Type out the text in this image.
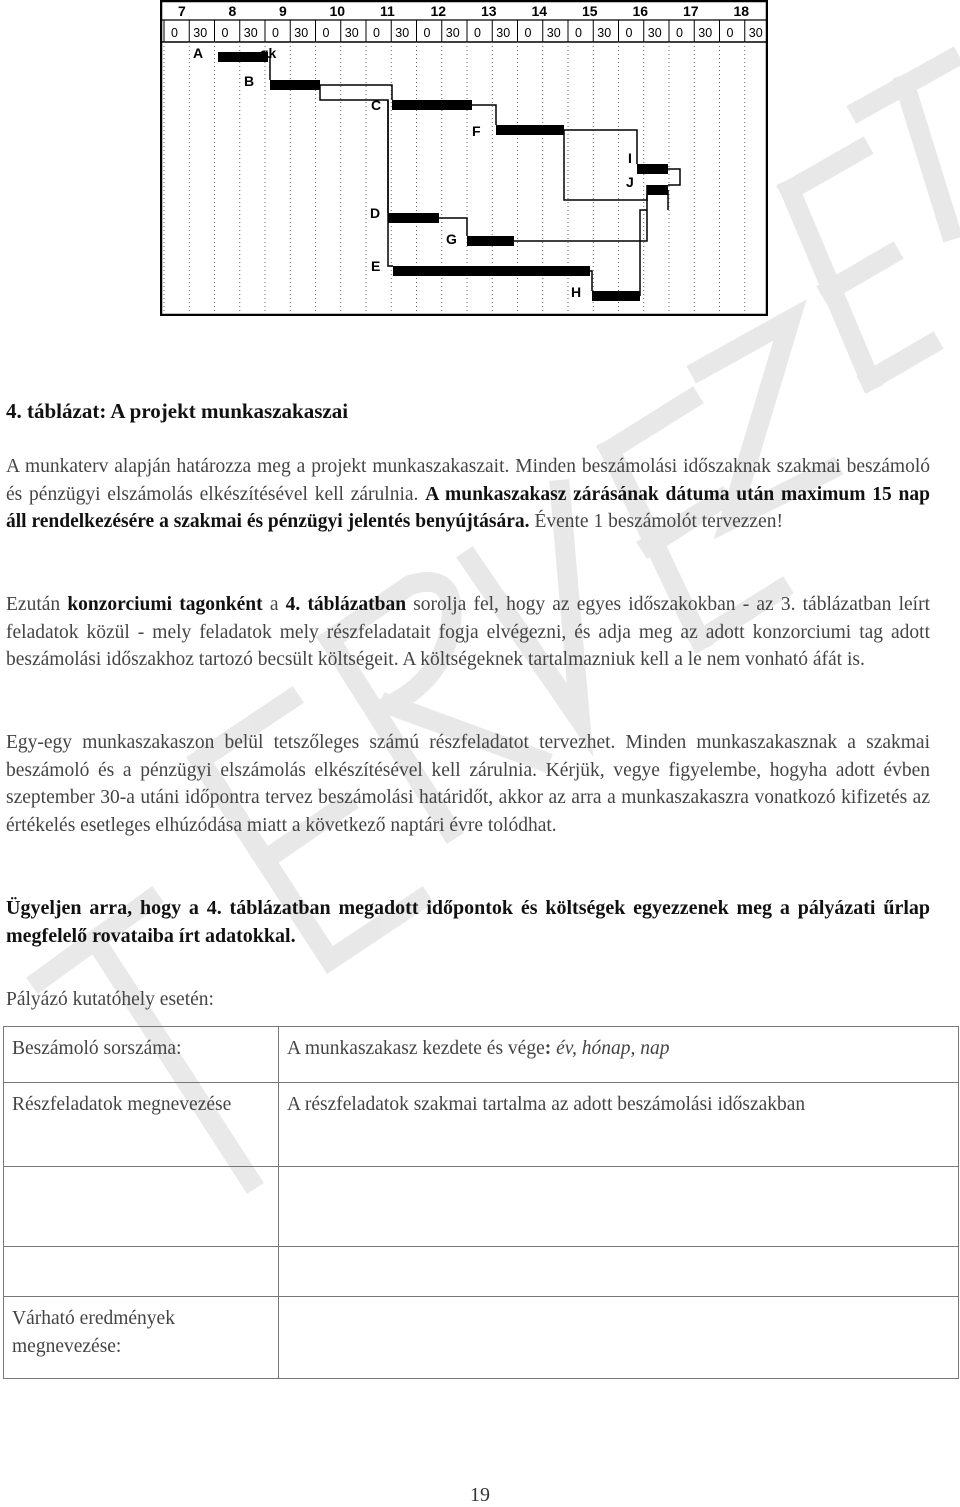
7
0 30
8
0 30
9
0 30
10
0 30
11
0 30
12
0 30
13
0 30
14
0 30
15
0 30
16
0 30
17
0 30
18
0 30
A
B
C
F
I
J
D
G
E
H
gk
4. táblázat: A projekt munkaszakaszai
A munkaterv alapján határozza meg a projekt munkaszakaszait. Minden beszámolási időszaknak szakmai beszámoló és pénzügyi elszámolás elkészítésével kell zárulnia. A munkaszakasz zárásának dátuma után maximum 15 nap áll rendelkezésére a szakmai és pénzügyi jelentés benyújtására. Évente 1 beszámolót tervezzen!
Ezután konzorciumi tagonként a 4. táblázatban sorolja fel, hogy az egyes időszakokban - az 3. táblázatban leírt feladatok közül - mely feladatok mely részfeladatait fogja elvégezni, és adja meg az adott konzorciumi tag adott beszámolási időszakhoz tartozó becsült költségeit. A költségeknek tartalmazniuk kell a le nem vonható áfát is.
Egy-egy munkaszakaszon belül tetszőleges számú részfeladatot tervezhet. Minden munkaszakasznak a szakmai beszámoló és a pénzügyi elszámolás elkészítésével kell zárulnia. Kérjük, vegye figyelembe, hogyha adott évben szeptember 30-a utáni időpontra tervez beszámolási határidőt, akkor az arra a munkaszakaszra vonatkozó kifizetés az értékelés esetleges elhúzódása miatt a következő naptári évre tolódhat.
Ügyeljen arra, hogy a 4. táblázatban megadott időpontok és költségek egyezzenek meg a pályázati űrlap megfelelő rovataiba írt adatokkal.
Pályázó kutatóhely esetén:
Beszámoló sorszáma:	A munkaszakasz kezdete és vége: év, hónap, nap
Részfeladatok megnevezése	A részfeladatok szakmai tartalma az adott beszámolási időszakban

Várható eredmények megnevezése:	
19
